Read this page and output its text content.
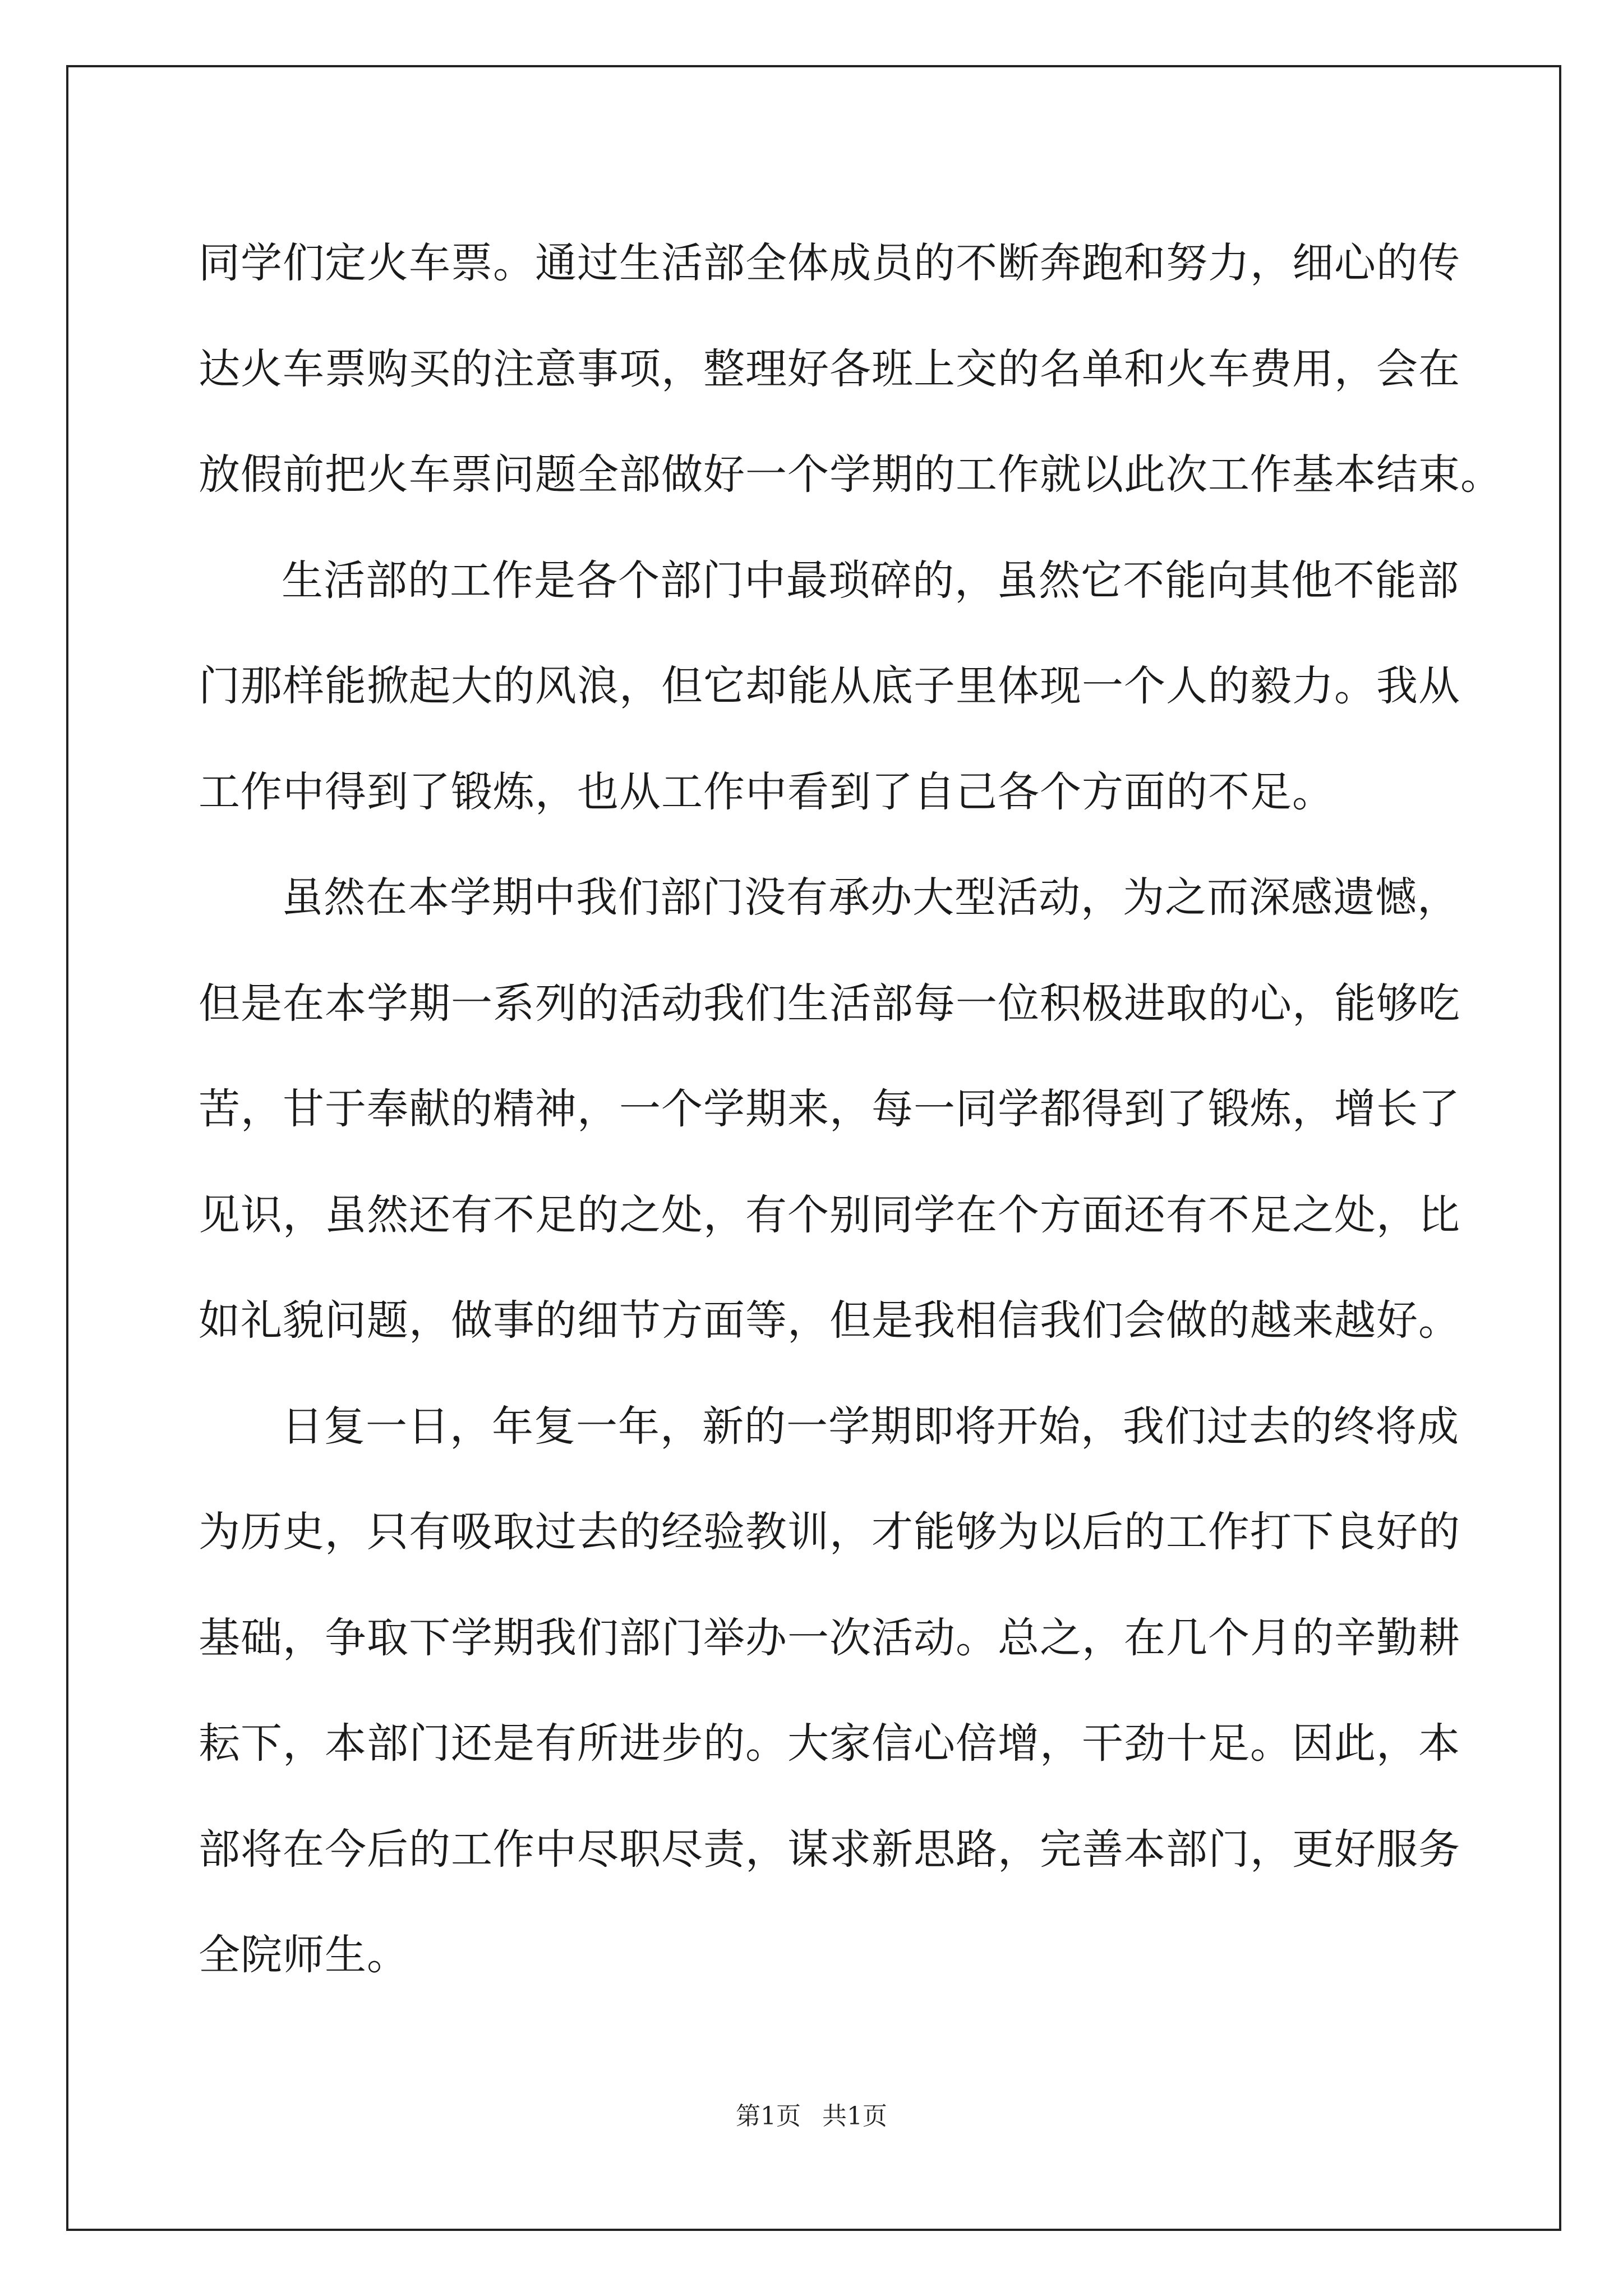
同学们定火车票。通过生活部全体成员的不断奔跑和努力，细心的传
达火车票购买的注意事项，整理好各班上交的名单和火车费用，会在
放假前把火车票问题全部做好一个学期的工作就以此次工作基本结束。
生活部的工作是各个部门中最琐碎的，虽然它不能向其他不能部
门那样能掀起大的风浪，但它却能从底子里体现一个人的毅力。我从
工作中得到了锻炼，也从工作中看到了自己各个方面的不足。
虽然在本学期中我们部门没有承办大型活动，为之而深感遗憾，
但是在本学期一系列的活动我们生活部每一位积极进取的心，能够吃
苦，甘于奉献的精神，一个学期来，每一同学都得到了锻炼，增长了
见识，虽然还有不足的之处，有个别同学在个方面还有不足之处，比
如礼貌问题，做事的细节方面等，但是我相信我们会做的越来越好。
日复一日，年复一年，新的一学期即将开始，我们过去的终将成
为历史，只有吸取过去的经验教训，才能够为以后的工作打下良好的
基础，争取下学期我们部门举办一次活动。总之，在几个月的辛勤耕
耘下，本部门还是有所进步的。大家信心倍增，干劲十足。因此，本
部将在今后的工作中尽职尽责，谋求新思路，完善本部门，更好服务
全院师生。
第1页 共1页
